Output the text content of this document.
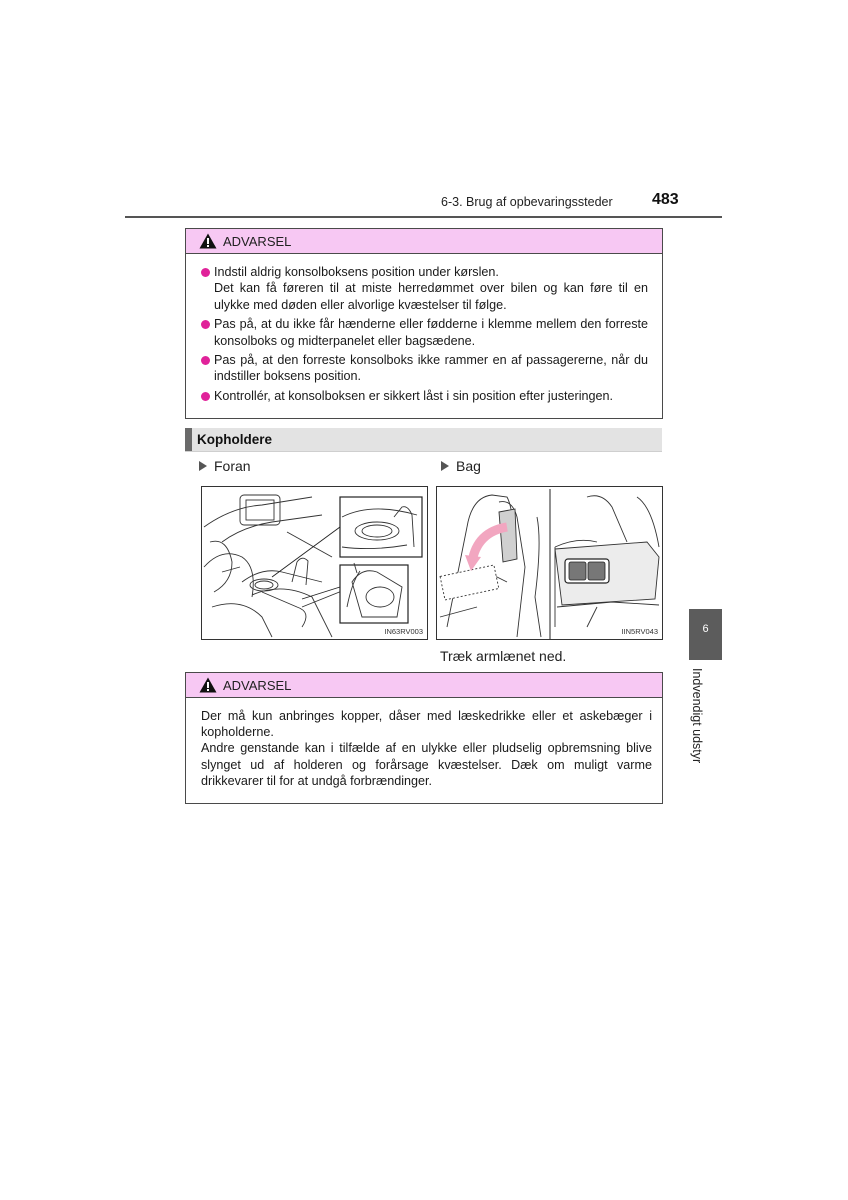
6-3. Brug af opbevaringssteder 483
6
Indvendigt udstyr
ADVARSEL
Indstil aldrig konsolboksens position under kørslen.
Det kan få føreren til at miste herredømmet over bilen og kan føre til en ulykke med døden eller alvorlige kvæstelser til følge.
Pas på, at du ikke får hænderne eller fødderne i klemme mellem den forreste konsolboks og midterpanelet eller bagsædene.
Pas på, at den forreste konsolboks ikke rammer en af passagererne, når du indstiller boksens position.
Kontrollér, at konsolboksen er sikkert låst i sin position efter justeringen.
Kopholdere
Foran	Bag
IN63RV003	IIN5RV043
Træk armlænet ned.
ADVARSEL

Der må kun anbringes kopper, dåser med læskedrikke eller et askebæger i kopholderne.

Andre genstande kan i tilfælde af en ulykke eller pludselig opbremsning blive slynget ud af holderen og forårsage kvæstelser. Dæk om muligt varme drikkevarer til for at undgå forbrændinger.
